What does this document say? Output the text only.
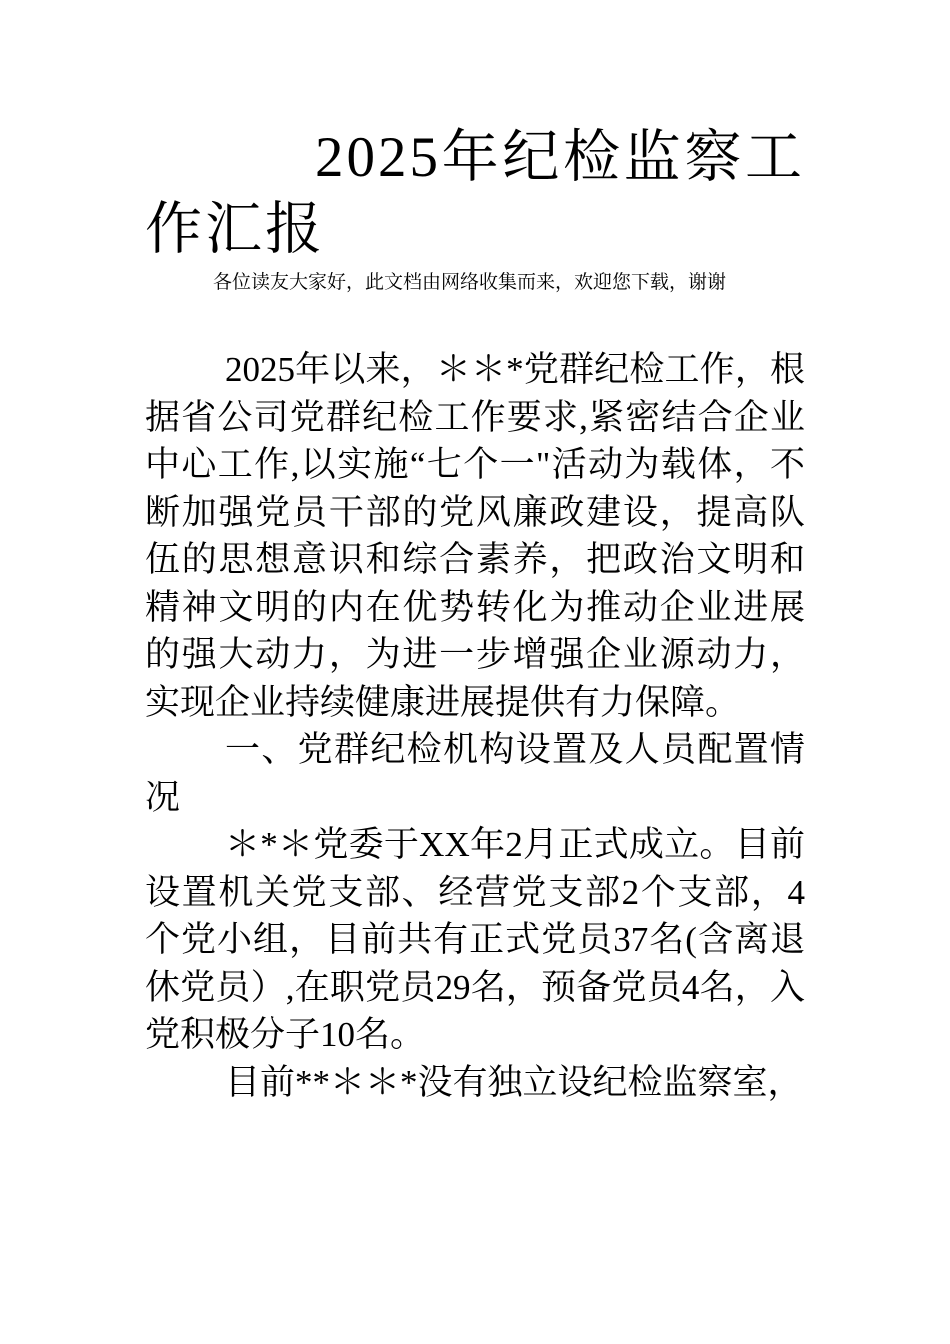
2025年纪检监察工作汇报

各位读友大家好，此文档由网络收集而来，欢迎您下载，谢谢

2025年以来，＊＊*党群纪检工作，根据省公司党群纪检工作要求,紧密结合企业中心工作,以实施“七个一"活动为载体，不断加强党员干部的党风廉政建设，提高队伍的思想意识和综合素养，把政治文明和精神文明的内在优势转化为推动企业进展的强大动力，为进一步增强企业源动力，实现企业持续健康进展提供有力保障。

一、党群纪检机构设置及人员配置情况

＊*＊党委于XX年2月正式成立。目前设置机关党支部、经营党支部2个支部，4个党小组，目前共有正式党员37名(含离退休党员）,在职党员29名，预备党员4名，入党积极分子10名。

目前**＊＊*没有独立设纪检监察室，
